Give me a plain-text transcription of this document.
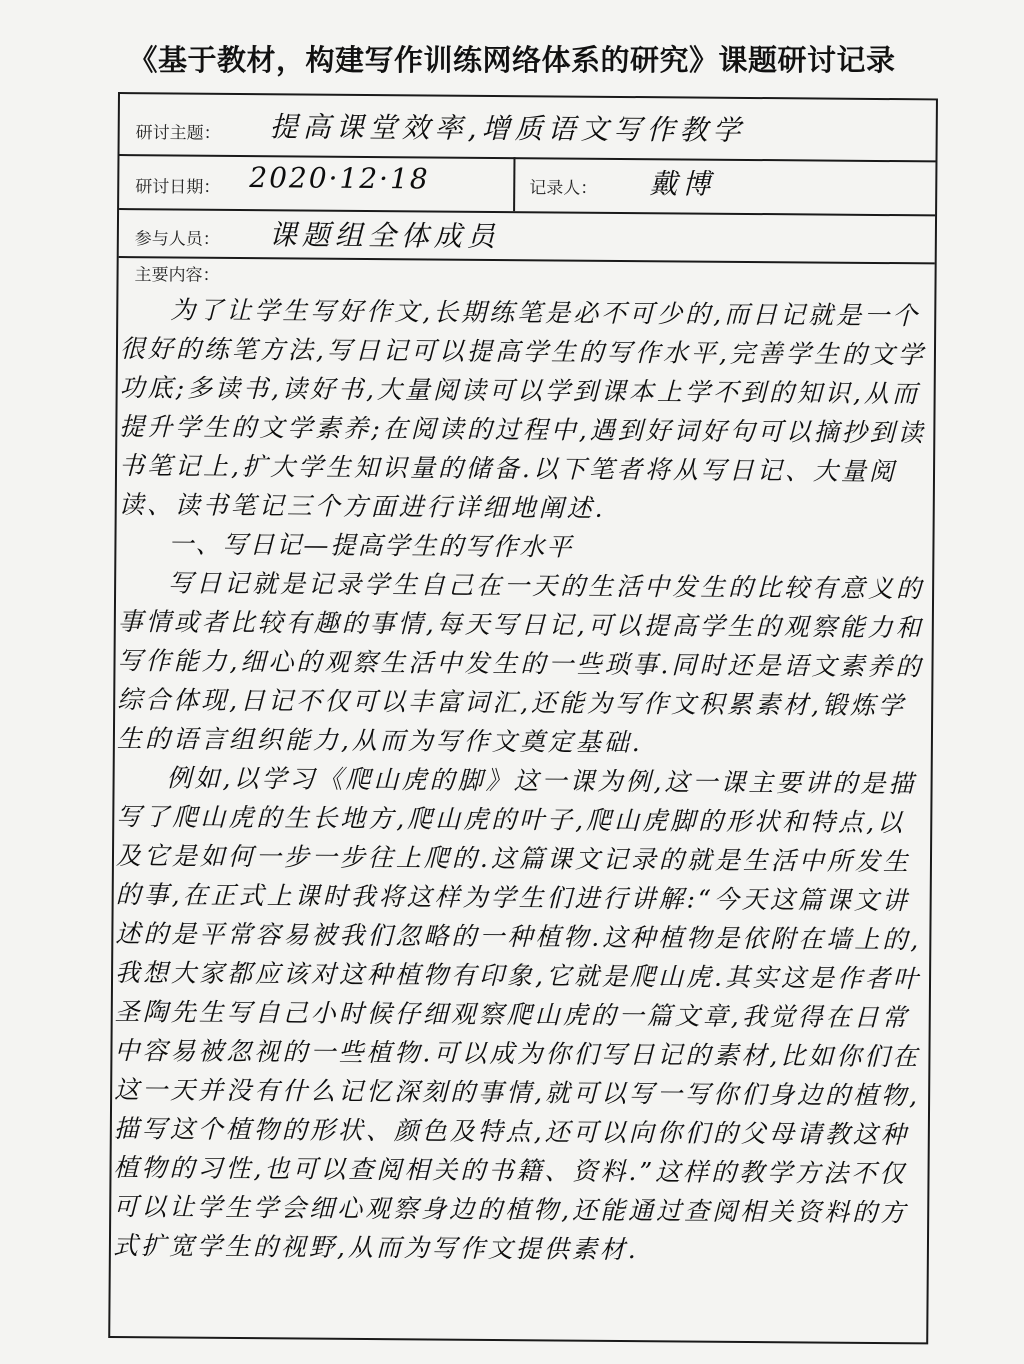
《基于教材，构建写作训练网络体系的研究》课题研讨记录
研讨主题： 提高课堂效率,增质语文写作教学
研讨日期： 2020·12·18	记录人： 戴博
参与人员： 课题组全体成员
主要内容：

为了让学生写好作文,长期练笔是必不可少的,而日记就是一个很好的练笔方法,写日记可以提高学生的写作水平,完善学生的文学功底;多读书,读好书,大量阅读可以学到课本上学不到的知识,从而提升学生的文学素养;在阅读的过程中,遇到好词好句可以摘抄到读书笔记上,扩大学生知识量的储备.以下笔者将从写日记、大量阅读、读书笔记三个方面进行详细地阐述.

一、写日记—提高学生的写作水平

写日记就是记录学生自己在一天的生活中发生的比较有意义的事情或者比较有趣的事情,每天写日记,可以提高学生的观察能力和写作能力,细心的观察生活中发生的一些琐事.同时还是语文素养的综合体现,日记不仅可以丰富词汇,还能为写作文积累素材,锻炼学生的语言组织能力,从而为写作文奠定基础.

例如,以学习《爬山虎的脚》这一课为例,这一课主要讲的是描写了爬山虎的生长地方,爬山虎的叶子,爬山虎脚的形状和特点,以及它是如何一步一步往上爬的.这篇课文记录的就是生活中所发生的事,在正式上课时我将这样为学生们进行讲解:“今天这篇课文讲述的是平常容易被我们忽略的一种植物.这种植物是依附在墙上的,我想大家都应该对这种植物有印象,它就是爬山虎.其实这是作者叶圣陶先生写自己小时候仔细观察爬山虎的一篇文章,我觉得在日常中容易被忽视的一些植物.可以成为你们写日记的素材,比如你们在这一天并没有什么记忆深刻的事情,就可以写一写你们身边的植物,描写这个植物的形状、颜色及特点,还可以向你们的父母请教这种植物的习性,也可以查阅相关的书籍、资料.”这样的教学方法不仅可以让学生学会细心观察身边的植物,还能通过查阅相关资料的方式扩宽学生的视野,从而为写作文提供素材.
